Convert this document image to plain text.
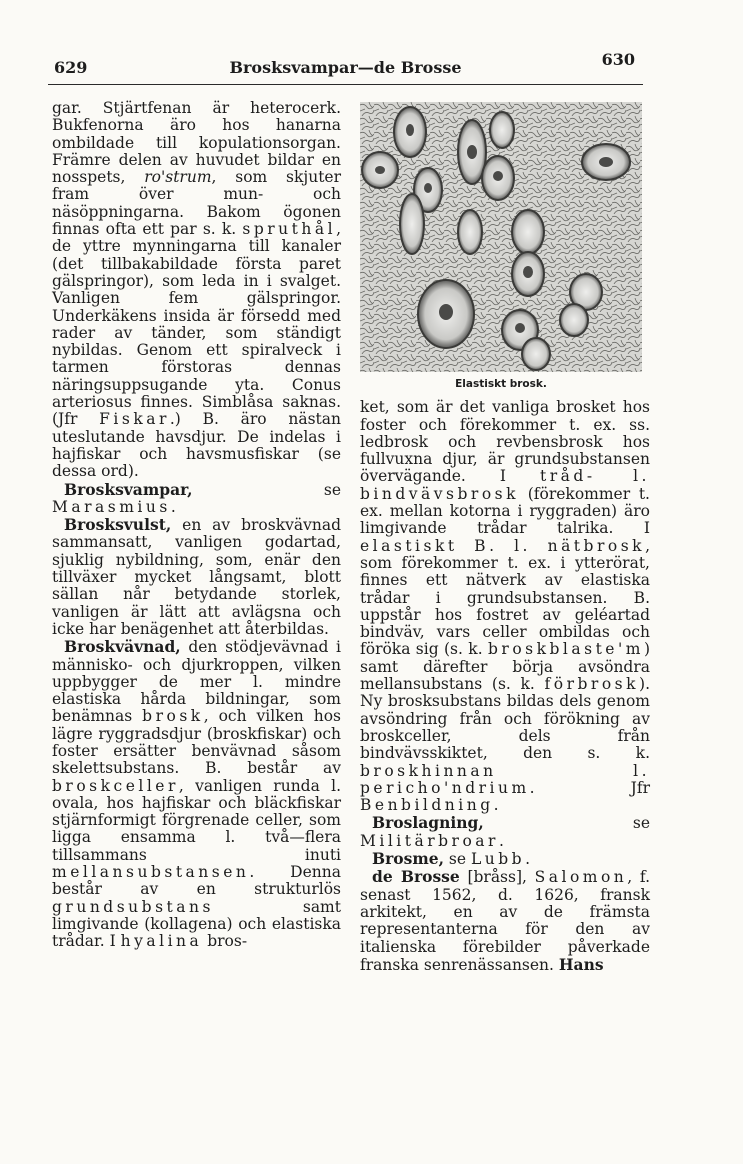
629	Brosksvampar—de Brosse	630

gar. Stjärtfenan är heterocerk. Bukfenorna äro hos hanarna ombildade till kopulationsorgan. Främre delen av huvudet bildar en nosspets, ro'strum, som skjuter fram över mun- och näsöppningarna. Bakom ögonen finnas ofta ett par s. k. spruthål, de yttre mynningarna till kanaler (det tillbakabildade första paret gälspringor), som leda in i svalget. Vanligen fem gälspringor. Underkäkens insida är försedd med rader av tänder, som ständigt nybildas. Genom ett spiralveck i tarmen förstoras dennas näringsuppsugande yta. Conus arteriosus finnes. Simblåsa saknas. (Jfr Fiskar.) B. äro nästan uteslutande havsdjur. De indelas i hajfiskar och havsmusfiskar (se dessa ord).

Brosksvampar, se Marasmius.

Brosksvulst, en av broskvävnad sammansatt, vanligen godartad, sjuklig nybildning, som, enär den tillväxer mycket långsamt, blott sällan når betydande storlek, vanligen är lätt att avlägsna och icke har benägenhet att återbildas.

Broskvävnad, den stödjevävnad i människo- och djurkroppen, vilken uppbygger de mer l. mindre elastiska hårda bildningar, som benämnas brosk, och vilken hos lägre ryggradsdjur (broskfiskar) och foster ersätter benvävnad såsom skelettsubstans. B. består av broskceller, vanligen runda l. ovala, hos hajfiskar och bläckfiskar stjärnformigt förgrenade celler, som ligga ensamma l. två—flera tillsammans inuti mellansubstansen. Denna består av en strukturlös grundsubstans samt limgivande (kollagena) och elastiska trådar. I hyalina bros-

Elastiskt brosk.

ket, som är det vanliga brosket hos foster och förekommer t. ex. ss. ledbrosk och revbensbrosk hos fullvuxna djur, är grundsubstansen övervägande. I tråd- l. bindvävsbrosk (förekommer t. ex. mellan kotorna i ryggraden) äro limgivande trådar talrika. I elastiskt B. l. nätbrosk, som förekommer t. ex. i ytterörat, finnes ett nätverk av elastiska trådar i grundsubstansen. B. uppstår hos fostret av geléartad bindväv, vars celler ombildas och föröka sig (s. k. broskblaste'm) samt därefter börja avsöndra mellansubstans (s. k. förbrosk). Ny brosksubstans bildas dels genom avsöndring från och förökning av broskceller, dels från bindvävsskiktet, den s. k. broskhinnan l. pericho'ndrium. Jfr Benbildning.

Broslagning, se Militärbroar.

Brosme, se Lubb.

de Brosse [bråss], Salomon, f. senast 1562, d. 1626, fransk arkitekt, en av de främsta representanterna för den av italienska förebilder påverkade franska senrenässansen. Hans
